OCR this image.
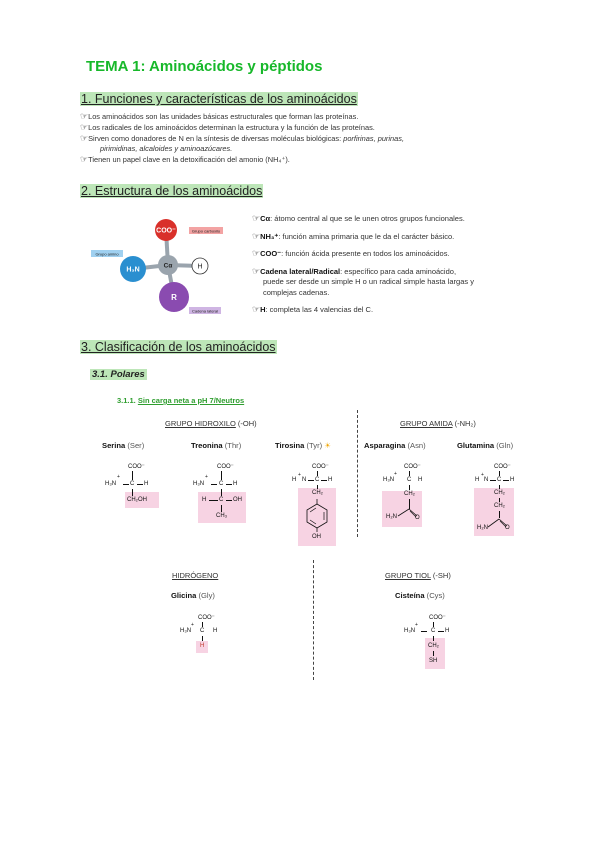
TEMA 1: Aminoácidos y péptidos
1. Funciones y características de los aminoácidos
☞Los aminoácidos son las unidades básicas estructurales que forman las proteínas.
☞Los radicales de los aminoácidos determinan la estructura y la función de las proteínas.
☞Sirven como donadores de N en la síntesis de diversas moléculas biológicas: porfirinas, purinas,
pirimidinas, alcaloides y aminoazúcares.
☞Tienen un papel clave en la detoxificación del amonio (NH₄⁺).
2. Estructura de los aminoácidos
COO⁻
H₃N
Cα	H
R
Grupo carboxilo
Grupo amino
Cadena lateral
☞Cα: átomo central al que se le unen otros grupos funcionales.
☞NH₃⁺: función amina primaria que le da el carácter básico.
☞COO⁻: función ácida presente en todos los aminoácidos.
☞Cadena lateral/Radical: específico para cada aminoácido,
puede ser desde un simple H o un radical simple hasta largas y
complejas cadenas.
☞H: completa las 4 valencias del C.
3. Clasificación de los aminoácidos
3.1. Polares
3.1.1. Sin carga neta a pH 7/Neutros
GRUPO HIDROXILO (-OH)	GRUPO AMIDA (-NH₂)
HIDRÓGENO	GRUPO TIOL (-SH)
Serina (Ser)	Treonina (Thr)	Tirosina (Tyr) ☀	Asparagina (Asn)	Glutamina (Gln)
Glicina (Gly)	Cisteína (Cys)
COO⁻
H₃N
+
C H
CH₂OH
COO⁻
H₃N
+
C H
H C OH
CH₃
COO⁻
H
+
N C H
CH₂
OH
COO⁻
H₃N
+
C H
CH₂
H₂N	O
COO⁻
H
+
N C H
CH₂
CH₂
H₂N	O
COO⁻
H₃N
+
C H
H
COO⁻
H₃N
+
C H
CH₂
SH
